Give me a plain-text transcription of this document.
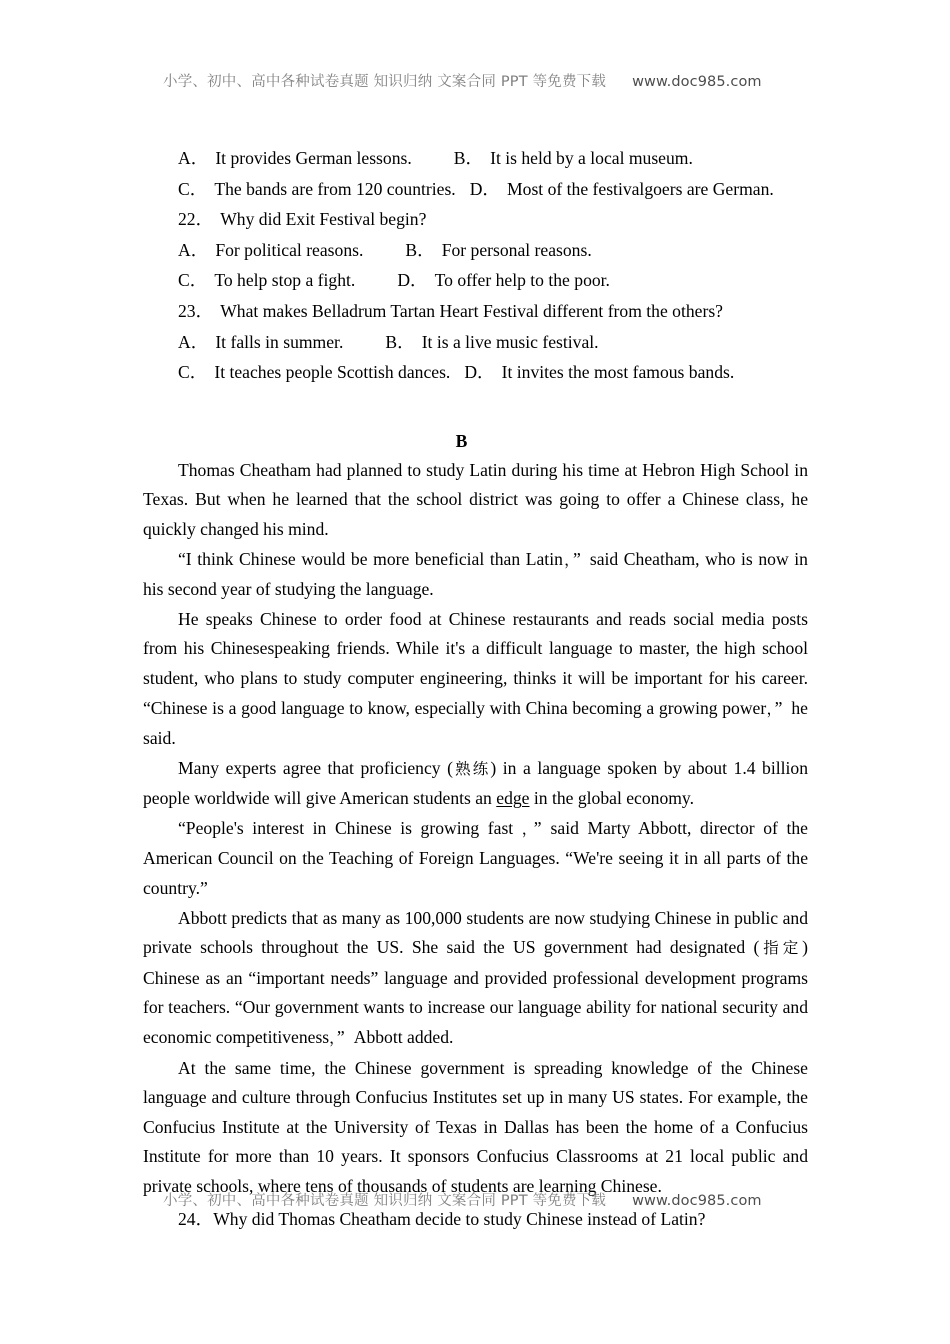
小学、初中、高中各种试卷真题 知识归纳 文案合同 PPT 等免费下载 www.doc985.com

A． It provides German lessons. B． It is held by a local museum.

C． The bands are from 120 countries. D． Most of the festivalgoers are German.

22． Why did Exit Festival begin?

A． For political reasons. B． For personal reasons.

C． To help stop a fight. D． To offer help to the poor.

23． What makes Belladrum Tartan Heart Festival different from the others?

A． It falls in summer. B． It is a live music festival.

C． It teaches people Scottish dances. D． It invites the most famous bands.

B

Thomas Cheatham had planned to study Latin during his time at Hebron High School in Texas. But when he learned that the school district was going to offer a Chinese class, he quickly changed his mind.

“I think Chinese would be more beneficial than Latin，” said Cheatham, who is now in his second year of studying the language.

He speaks Chinese to order food at Chinese restaurants and reads social media posts from his Chinesespeaking friends. While it's a difficult language to master, the high school student, who plans to study computer engineering, thinks it will be important for his career. “Chinese is a good language to know, especially with China becoming a growing power，” he said.

Many experts agree that proficiency (熟练) in a language spoken by about 1.4 billion people worldwide will give American students an edge in the global economy.

“People's interest in Chinese is growing fast ，” said Marty Abbott, director of the American Council on the Teaching of Foreign Languages. “We're seeing it in all parts of the country.”

Abbott predicts that as many as 100,000 students are now studying Chinese in public and private schools throughout the US. She said the US government had designated (指定) Chinese as an “important needs” language and provided professional development programs for teachers. “Our government wants to increase our language ability for national security and economic competitiveness，” Abbott added.

At the same time, the Chinese government is spreading knowledge of the Chinese language and culture through Confucius Institutes set up in many US states. For example, the Confucius Institute at the University of Texas in Dallas has been the home of a Confucius Institute for more than 10 years. It sponsors Confucius Classrooms at 21 local public and private schools, where tens of thousands of students are learning Chinese.

24．Why did Thomas Cheatham decide to study Chinese instead of Latin?

小学、初中、高中各种试卷真题 知识归纳 文案合同 PPT 等免费下载 www.doc985.com
